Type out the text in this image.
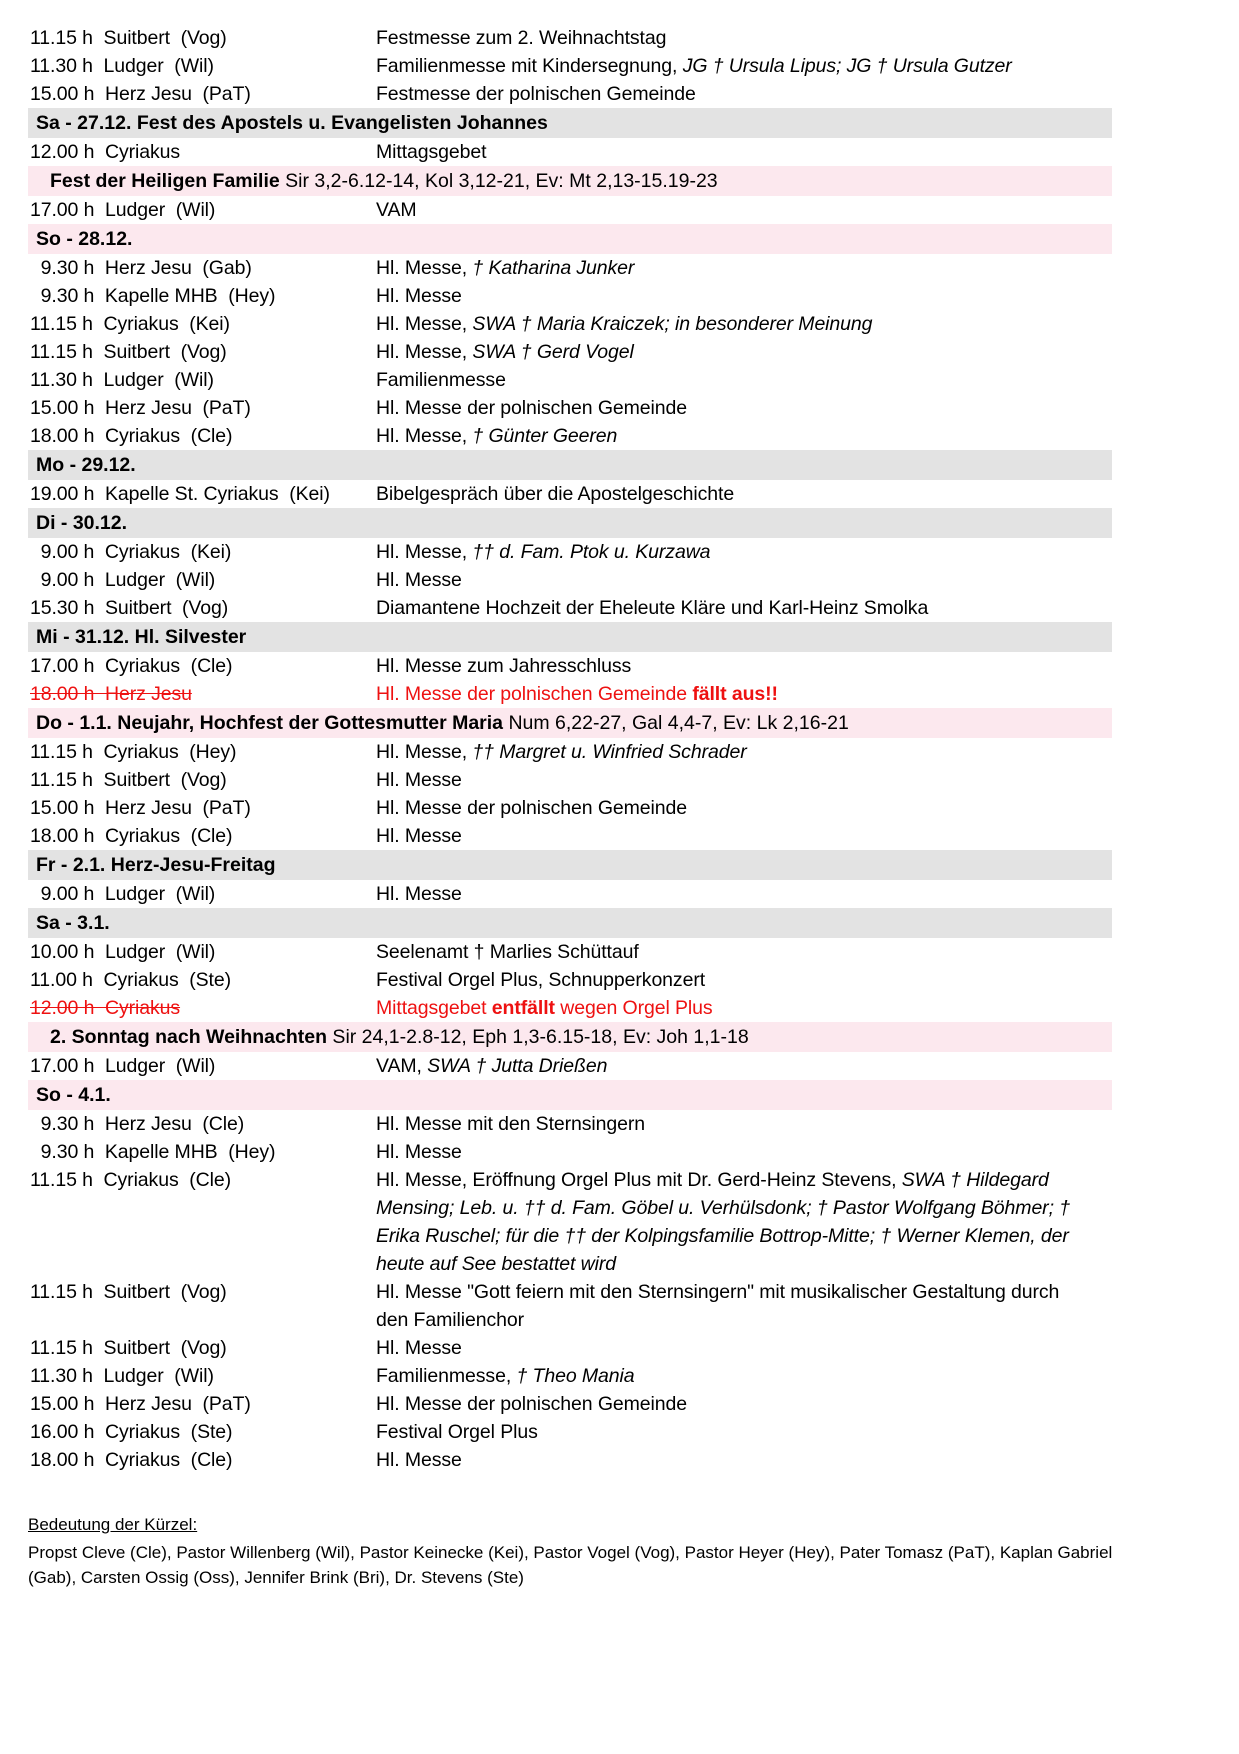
11.15 h  Suitbert  (Vog)	Festmesse zum 2. Weihnachtstag
11.30 h  Ludger  (Wil)	Familienmesse mit Kindersegnung, JG † Ursula Lipus; JG † Ursula Gutzer
15.00 h  Herz Jesu  (PaT)	Festmesse der polnischen Gemeinde
Sa - 27.12. Fest des Apostels u. Evangelisten Johannes
12.00 h  Cyriakus	Mittagsgebet
Fest der Heiligen Familie Sir 3,2-6.12-14, Kol 3,12-21, Ev: Mt 2,13-15.19-23
17.00 h  Ludger  (Wil)	VAM
So - 28.12.
9.30 h  Herz Jesu  (Gab)	Hl. Messe, † Katharina Junker
9.30 h  Kapelle MHB  (Hey)	Hl. Messe
11.15 h  Cyriakus  (Kei)	Hl. Messe, SWA † Maria Kraiczek; in besonderer Meinung
11.15 h  Suitbert  (Vog)	Hl. Messe, SWA † Gerd Vogel
11.30 h  Ludger  (Wil)	Familienmesse
15.00 h  Herz Jesu  (PaT)	Hl. Messe der polnischen Gemeinde
18.00 h  Cyriakus  (Cle)	Hl. Messe, † Günter Geeren
Mo - 29.12.
19.00 h  Kapelle St. Cyriakus  (Kei)	Bibelgespräch über die Apostelgeschichte
Di - 30.12.
9.00 h  Cyriakus  (Kei)	Hl. Messe, †† d. Fam. Ptok u. Kurzawa
9.00 h  Ludger  (Wil)	Hl. Messe
15.30 h  Suitbert  (Vog)	Diamantene Hochzeit der Eheleute Kläre und Karl-Heinz Smolka
Mi - 31.12. Hl. Silvester
17.00 h  Cyriakus  (Cle)	Hl. Messe zum Jahresschluss
18.00 h  Herz Jesu	Hl. Messe der polnischen Gemeinde fällt aus!!
Do - 1.1. Neujahr, Hochfest der Gottesmutter Maria Num 6,22-27, Gal 4,4-7, Ev: Lk 2,16-21
11.15 h  Cyriakus  (Hey)	Hl. Messe, †† Margret u. Winfried Schrader
11.15 h  Suitbert  (Vog)	Hl. Messe
15.00 h  Herz Jesu  (PaT)	Hl. Messe der polnischen Gemeinde
18.00 h  Cyriakus  (Cle)	Hl. Messe
Fr - 2.1. Herz-Jesu-Freitag
9.00 h  Ludger  (Wil)	Hl. Messe
Sa - 3.1.
10.00 h  Ludger  (Wil)	Seelenamt † Marlies Schüttauf
11.00 h  Cyriakus  (Ste)	Festival Orgel Plus, Schnupperkonzert
12.00 h  Cyriakus	Mittagsgebet entfällt wegen Orgel Plus
2. Sonntag nach Weihnachten Sir 24,1-2.8-12, Eph 1,3-6.15-18, Ev: Joh 1,1-18
17.00 h  Ludger  (Wil)	VAM, SWA † Jutta Drießen
So - 4.1.
9.30 h  Herz Jesu  (Cle)	Hl. Messe mit den Sternsingern
9.30 h  Kapelle MHB  (Hey)	Hl. Messe
11.15 h  Cyriakus  (Cle)	Hl. Messe, Eröffnung Orgel Plus mit Dr. Gerd-Heinz Stevens, SWA † Hildegard Mensing; Leb. u. †† d. Fam. Göbel u. Verhülsdonk; † Pastor Wolfgang Böhmer; † Erika Ruschel; für die †† der Kolpingsfamilie Bottrop-Mitte; † Werner Klemen, der heute auf See bestattet wird
11.15 h  Suitbert  (Vog)	Hl. Messe "Gott feiern mit den Sternsingern" mit musikalischer Gestaltung durch den Familienchor
11.15 h  Suitbert  (Vog)	Hl. Messe
11.30 h  Ludger  (Wil)	Familienmesse, † Theo Mania
15.00 h  Herz Jesu  (PaT)	Hl. Messe der polnischen Gemeinde
16.00 h  Cyriakus  (Ste)	Festival Orgel Plus
18.00 h  Cyriakus  (Cle)	Hl. Messe
Bedeutung der Kürzel:
Propst Cleve (Cle), Pastor Willenberg (Wil), Pastor Keinecke (Kei), Pastor Vogel (Vog), Pastor Heyer (Hey), Pater Tomasz (PaT), Kaplan Gabriel (Gab), Carsten Ossig (Oss), Jennifer Brink (Bri), Dr. Stevens (Ste)
